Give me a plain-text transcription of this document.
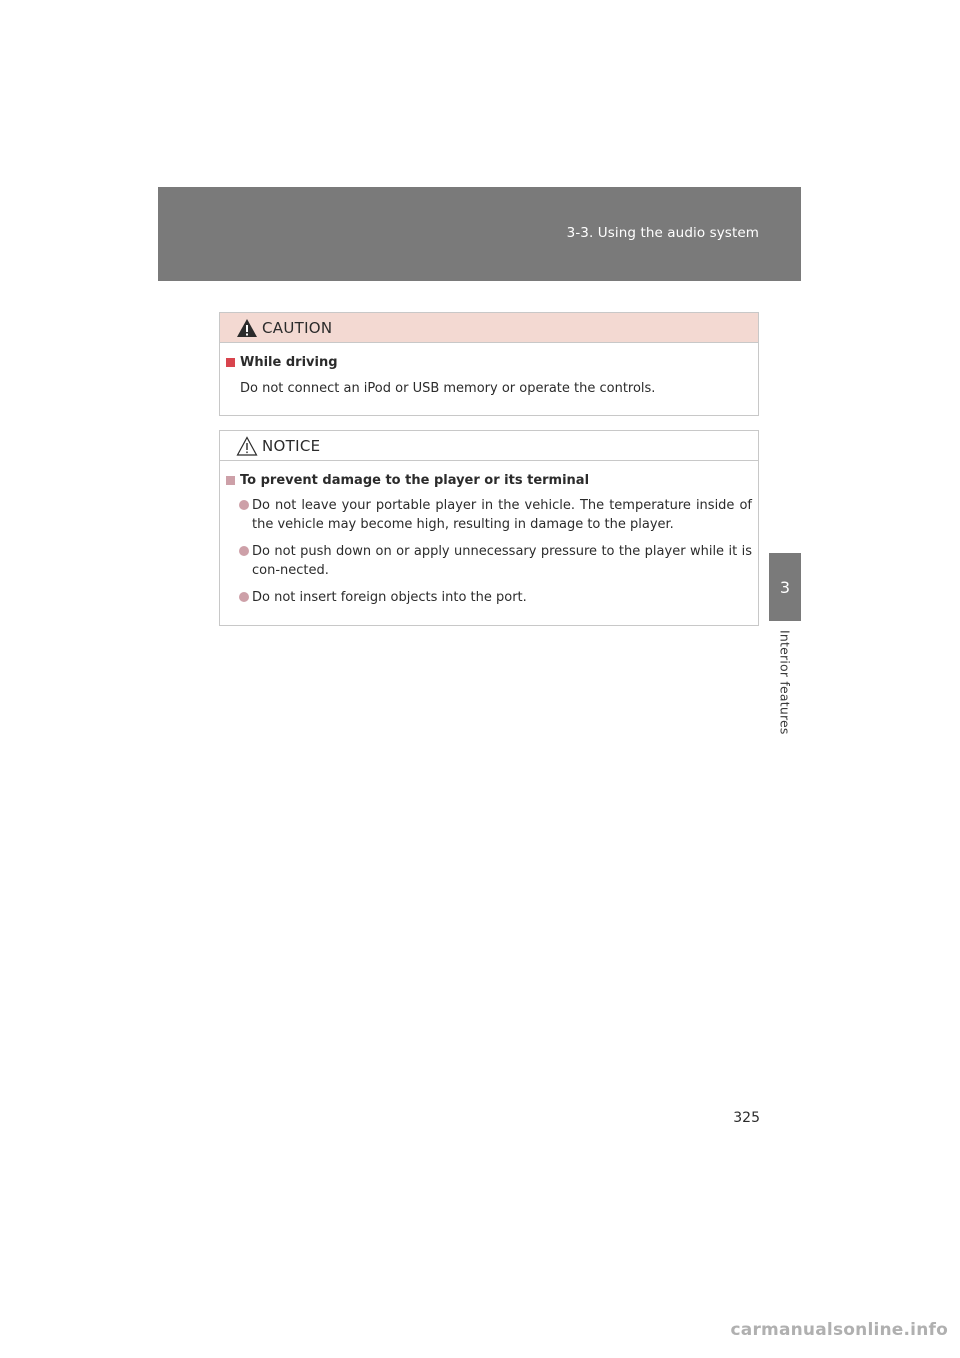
3-3. Using the audio system
3
Interior features
CAUTION
While driving
Do not connect an iPod or USB memory or operate the controls.
NOTICE
To prevent damage to the player or its terminal
Do not leave your portable player in the vehicle. The temperature inside of the vehicle may become high, resulting in damage to the player.
Do not push down on or apply unnecessary pressure to the player while it is con-nected.
Do not insert foreign objects into the port.
325
carmanualsonline.info
